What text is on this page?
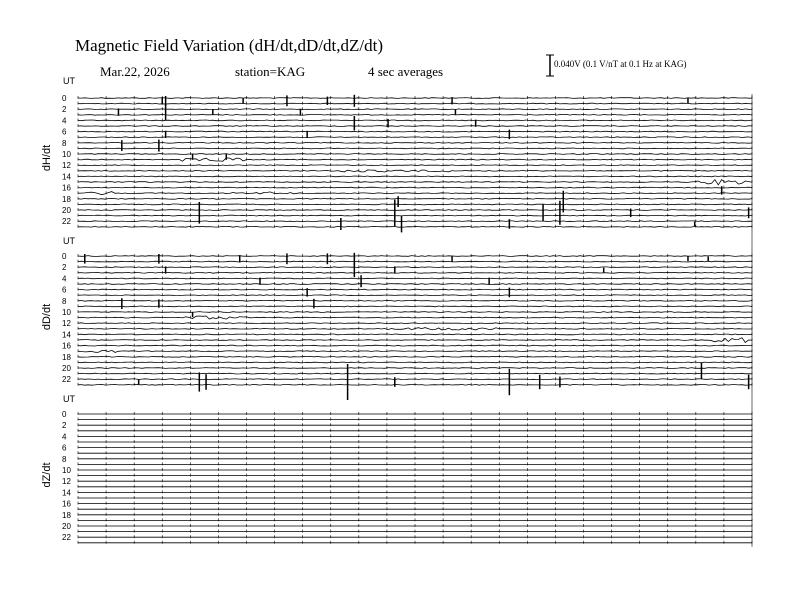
Magnetic Field Variation (dH/dt,dD/dt,dZ/dt)
Mar.22, 2026	station=KAG	4 sec averages	0.040V (0.1 V/nT at 0.1 Hz at KAG)
UT
dH/dt
0
2
4
6
8
10
12
14
16
18
20
22
UT
dD/dt
0
2
4
6
8
10
12
14
16
18
20
22
UT
dZ/dt
0
2
4
6
8
10
12
14
16
18
20
22
